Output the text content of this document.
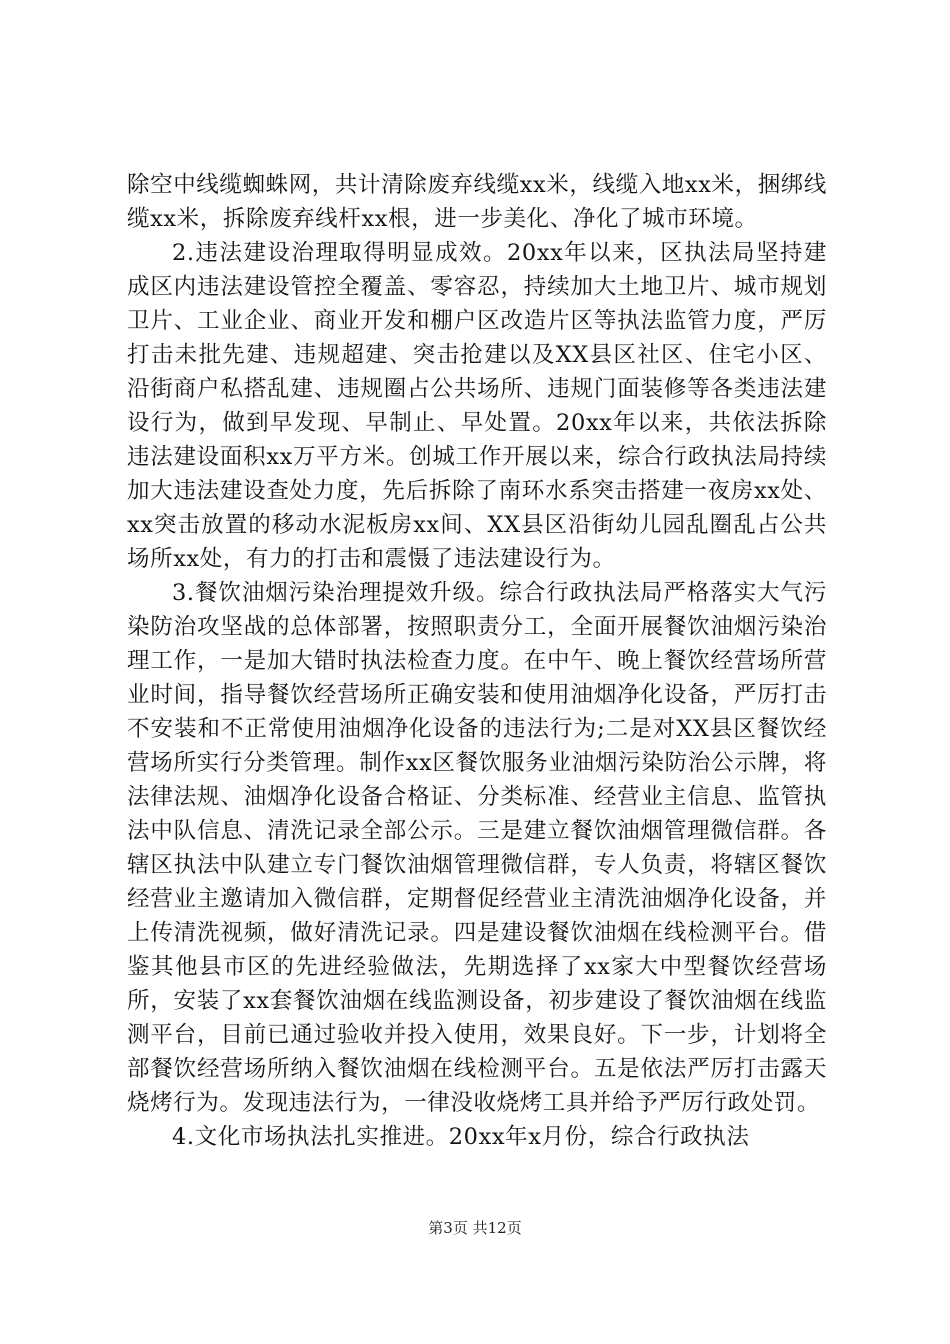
除空中线缆蜘蛛网，共计清除废弃线缆xx米，线缆入地xx米，捆绑线缆xx米，拆除废弃线杆xx根，进一步美化、净化了城市环境。

2.违法建设治理取得明显成效。20xx年以来，区执法局坚持建成区内违法建设管控全覆盖、零容忍，持续加大土地卫片、城市规划卫片、工业企业、商业开发和棚户区改造片区等执法监管力度，严厉打击未批先建、违规超建、突击抢建以及XX县区社区、住宅小区、沿街商户私搭乱建、违规圈占公共场所、违规门面装修等各类违法建设行为，做到早发现、早制止、早处置。20xx年以来，共依法拆除违法建设面积xx万平方米。创城工作开展以来，综合行政执法局持续加大违法建设查处力度，先后拆除了南环水系突击搭建一夜房xx处、xx突击放置的移动水泥板房xx间、XX县区沿街幼儿园乱圈乱占公共场所xx处，有力的打击和震慑了违法建设行为。

3.餐饮油烟污染治理提效升级。综合行政执法局严格落实大气污染防治攻坚战的总体部署，按照职责分工，全面开展餐饮油烟污染治理工作，一是加大错时执法检查力度。在中午、晚上餐饮经营场所营业时间，指导餐饮经营场所正确安装和使用油烟净化设备，严厉打击不安装和不正常使用油烟净化设备的违法行为;二是对XX县区餐饮经营场所实行分类管理。制作xx区餐饮服务业油烟污染防治公示牌，将法律法规、油烟净化设备合格证、分类标准、经营业主信息、监管执法中队信息、清洗记录全部公示。三是建立餐饮油烟管理微信群。各辖区执法中队建立专门餐饮油烟管理微信群，专人负责，将辖区餐饮经营业主邀请加入微信群，定期督促经营业主清洗油烟净化设备，并上传清洗视频，做好清洗记录。四是建设餐饮油烟在线检测平台。借鉴其他县市区的先进经验做法，先期选择了xx家大中型餐饮经营场所，安装了xx套餐饮油烟在线监测设备，初步建设了餐饮油烟在线监测平台，目前已通过验收并投入使用，效果良好。下一步，计划将全部餐饮经营场所纳入餐饮油烟在线检测平台。五是依法严厉打击露天烧烤行为。发现违法行为，一律没收烧烤工具并给予严厉行政处罚。

4.文化市场执法扎实推进。20xx年x月份，综合行政执法

第3页 共12页
